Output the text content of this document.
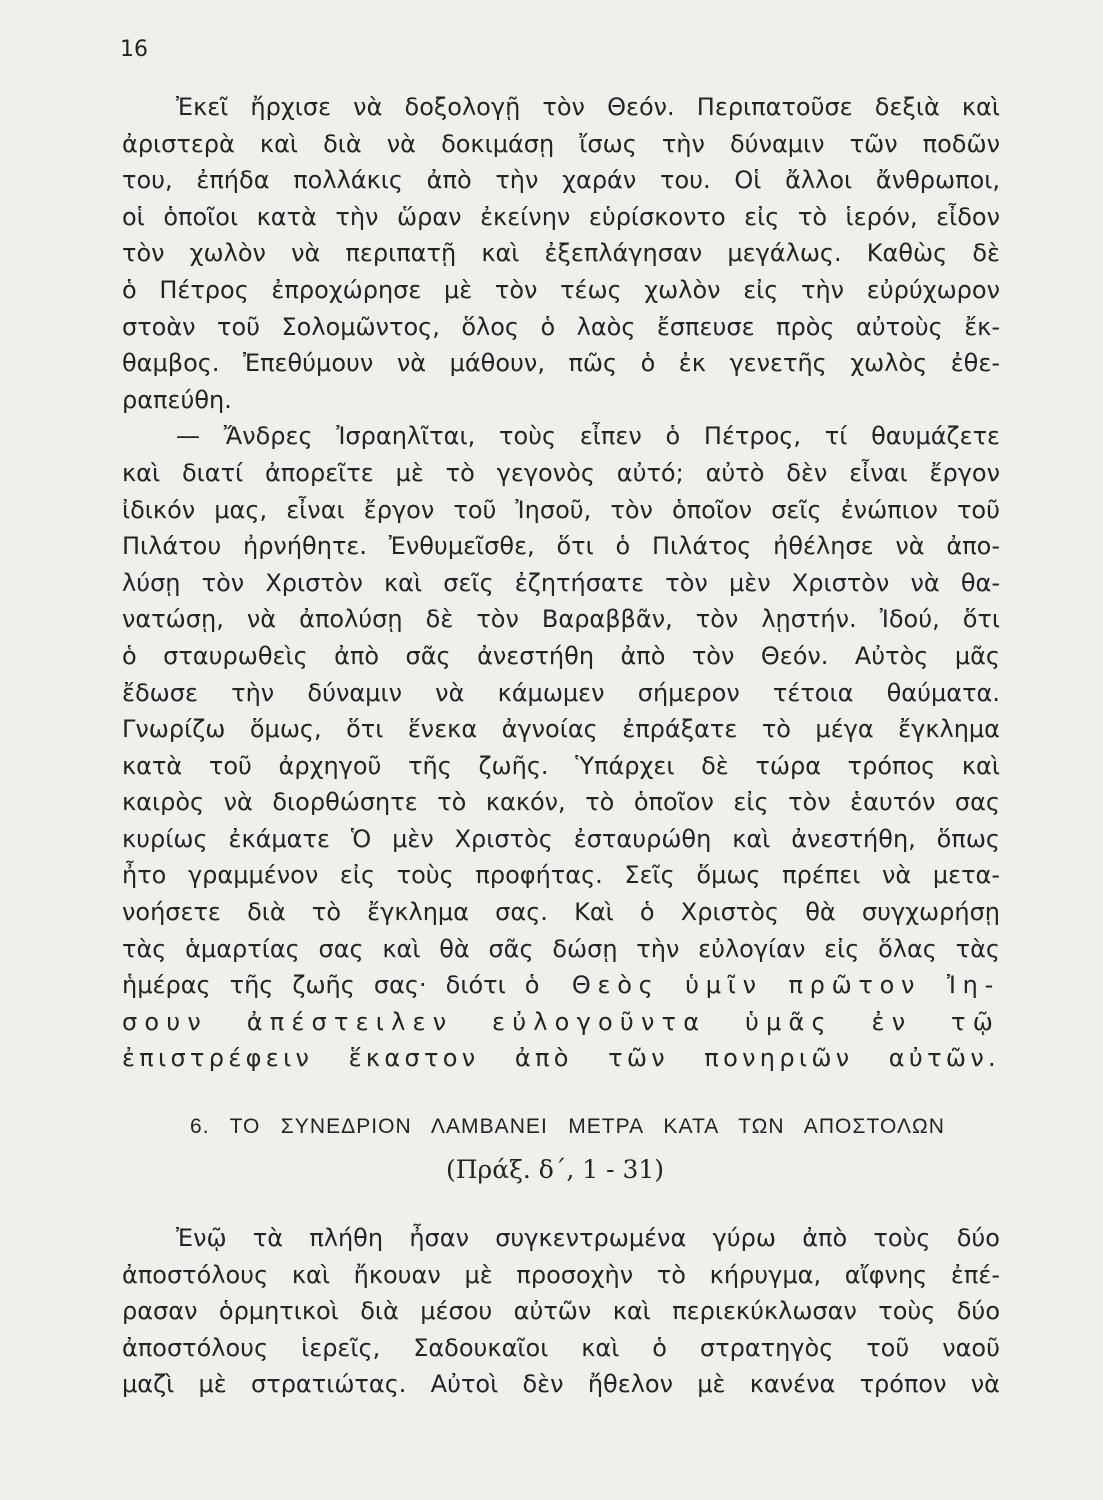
16
Ἐκεῖ ἤρχισε νὰ δοξολογῇ τὸν Θεόν. Περιπατοῦσε δεξιὰ καὶ
ἀριστερὰ καὶ διὰ νὰ δοκιμάσῃ ἴσως τὴν δύναμιν τῶν ποδῶν
του, ἐπήδα πολλάκις ἀπὸ τὴν χαράν του. Οἱ ἄλλοι ἄνθρωποι,
οἱ ὁποῖοι κατὰ τὴν ὥραν ἐκείνην εὑρίσκοντο εἰς τὸ ἱερόν, εἶδον
τὸν χωλὸν νὰ περιπατῇ καὶ ἐξεπλάγησαν μεγάλως. Καθὼς δὲ
ὁ Πέτρος ἐπροχώρησε μὲ τὸν τέως χωλὸν εἰς τὴν εὐρύχωρον
στοὰν τοῦ Σολομῶντος, ὅλος ὁ λαὸς ἔσπευσε πρὸς αὐτοὺς ἔκ-
θαμβος. Ἐπεθύμουν νὰ μάθουν, πῶς ὁ ἐκ γενετῆς χωλὸς ἐθε-
ραπεύθη.
— Ἄνδρες Ἰσραηλῖται, τοὺς εἶπεν ὁ Πέτρος, τί θαυμάζετε
καὶ διατί ἀπορεῖτε μὲ τὸ γεγονὸς αὐτό; αὐτὸ δὲν εἶναι ἔργον
ἰδικόν μας, εἶναι ἔργον τοῦ Ἰησοῦ, τὸν ὁποῖον σεῖς ἐνώπιον τοῦ
Πιλάτου ἠρνήθητε. Ἐνθυμεῖσθε, ὅτι ὁ Πιλάτος ἠθέλησε νὰ ἀπο-
λύσῃ τὸν Χριστὸν καὶ σεῖς ἐζητήσατε τὸν μὲν Χριστὸν νὰ θα-
νατώσῃ, νὰ ἀπολύσῃ δὲ τὸν Βαραββᾶν, τὸν λῃστήν. Ἰδού, ὅτι
ὁ σταυρωθεὶς ἀπὸ σᾶς ἀνεστήθη ἀπὸ τὸν Θεόν. Αὐτὸς μᾶς
ἔδωσε τὴν δύναμιν νὰ κάμωμεν σήμερον τέτοια θαύματα.
Γνωρίζω ὅμως, ὅτι ἕνεκα ἀγνοίας ἐπράξατε τὸ μέγα ἔγκλημα
κατὰ τοῦ ἀρχηγοῦ τῆς ζωῆς. Ὑπάρχει δὲ τώρα τρόπος καὶ
καιρὸς νὰ διορθώσητε τὸ κακόν, τὸ ὁποῖον εἰς τὸν ἑαυτόν σας
κυρίως ἐκάματε Ὁ μὲν Χριστὸς ἐσταυρώθη καὶ ἀνεστήθη, ὅπως
ἦτο γραμμένον εἰς τοὺς προφήτας. Σεῖς ὅμως πρέπει νὰ μετα-
νοήσετε διὰ τὸ ἔγκλημα σας. Καὶ ὁ Χριστὸς θὰ συγχωρήσῃ
τὰς ἁμαρτίας σας καὶ θὰ σᾶς δώσῃ τὴν εὐλογίαν εἰς ὅλας τὰς
ἡμέρας τῆς ζωῆς σας· διότι ὁ Θεὸς ὑμῖν πρῶτον Ἰη-
σουν ἀπέστειλεν εὐλογοῦντα ὑμᾶς ἐν τῷ
ἐπιστρέφειν ἕκαστον ἀπὸ τῶν πονηριῶν αὐτῶν.
6. ΤΟ ΣΥΝΕΔΡΙΟΝ ΛΑΜΒΑΝΕΙ ΜΕΤΡΑ ΚΑΤΑ ΤΩΝ ΑΠΟΣΤΟΛΩΝ
(Πράξ. δ΄, 1 - 31)
Ἐνῷ τὰ πλήθη ἦσαν συγκεντρωμένα γύρω ἀπὸ τοὺς δύο
ἀποστόλους καὶ ἤκουαν μὲ προσοχὴν τὸ κήρυγμα, αἴφνης ἐπέ-
ρασαν ὁρμητικοὶ διὰ μέσου αὐτῶν καὶ περιεκύκλωσαν τοὺς δύο
ἀποστόλους ἱερεῖς, Σαδουκαῖοι καὶ ὁ στρατηγὸς τοῦ ναοῦ
μαζὶ μὲ στρατιώτας. Αὐτοὶ δὲν ἤθελον μὲ κανένα τρόπον νὰ
